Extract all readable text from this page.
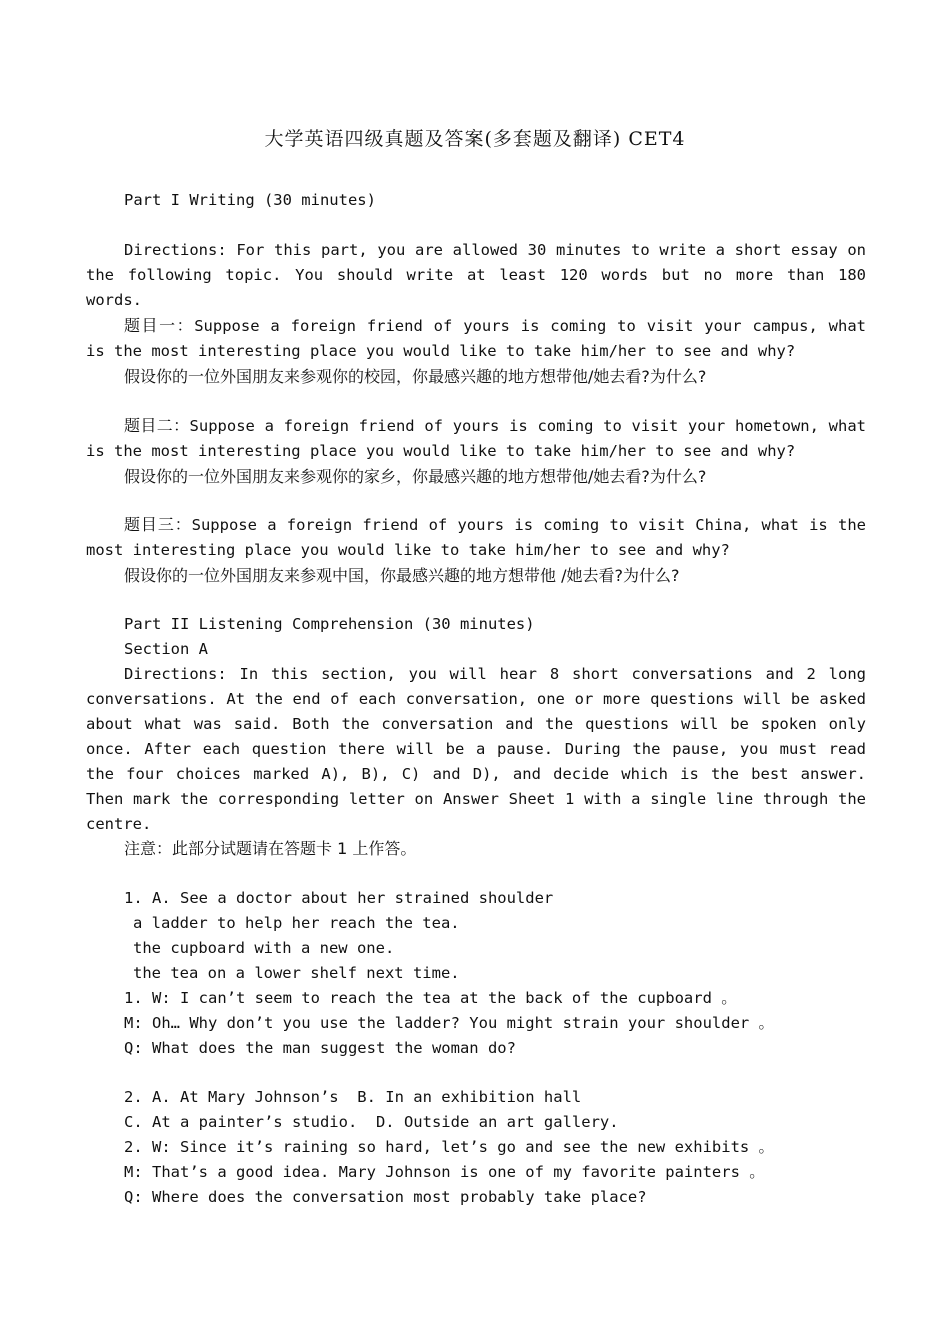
大学英语四级真题及答案(多套题及翻译) CET4

Part I Writing (30 minutes)

Directions: For this part, you are allowed 30 minutes to write a short essay on the following topic. You should write at least 120 words but no more than 180 words.

题目一：Suppose a foreign friend of yours is coming to visit your campus, what is the most interesting place you would like to take him/her to see and why?

假设你的一位外国朋友来参观你的校园，你最感兴趣的地方想带他/她去看?为什么?

题目二：Suppose a foreign friend of yours is coming to visit your hometown, what is the most interesting place you would like to take him/her to see and why?

假设你的一位外国朋友来参观你的家乡，你最感兴趣的地方想带他/她去看?为什么?

题目三：Suppose a foreign friend of yours is coming to visit China, what is the most interesting place you would like to take him/her to see and why?

假设你的一位外国朋友来参观中国，你最感兴趣的地方想带他 /她去看?为什么?

Part II Listening Comprehension (30 minutes)

Section A

Directions: In this section, you will hear 8 short conversations and 2 long conversations. At the end of each conversation, one or more questions will be asked about what was said. Both the conversation and the questions will be spoken only once. After each question there will be a pause. During the pause, you must read the four choices marked A), B), C) and D), and decide which is the best answer. Then mark the corresponding letter on Answer Sheet 1 with a single line through the centre.

注意：此部分试题请在答题卡 1 上作答。

1. A. See a doctor about her strained shoulder

a ladder to help her reach the tea.

the cupboard with a new one.

the tea on a lower shelf next time.

1. W: I can’t seem to reach the tea at the back of the cupboard 。

M: Oh… Why don’t you use the ladder? You might strain your shoulder 。

Q: What does the man suggest the woman do?

2. A. At Mary Johnson’s  B. In an exhibition hall

C. At a painter’s studio.  D. Outside an art gallery.

2. W: Since it’s raining so hard, let’s go and see the new exhibits 。

M: That’s a good idea. Mary Johnson is one of my favorite painters 。

Q: Where does the conversation most probably take place?
